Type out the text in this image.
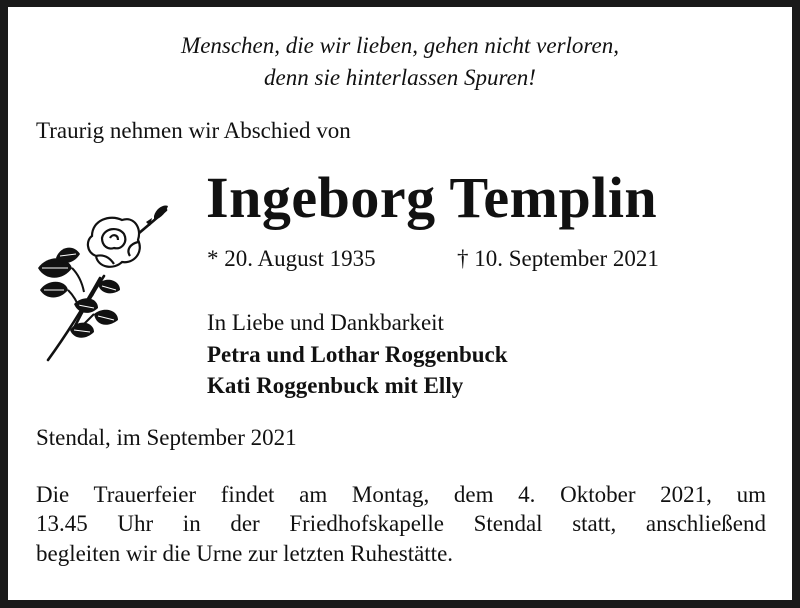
Menschen, die wir lieben, gehen nicht verloren,
denn sie hinterlassen Spuren!
Traurig nehmen wir Abschied von
Ingeborg Templin
* 20. August 1935	† 10. September 2021
In Liebe und Dankbarkeit
Petra und Lothar Roggenbuck
Kati Roggenbuck mit Elly
Stendal, im September 2021
Die Trauerfeier findet am Montag, dem 4. Oktober 2021, um
13.45 Uhr in der Friedhofskapelle Stendal statt, anschließend
begleiten wir die Urne zur letzten Ruhestätte.
